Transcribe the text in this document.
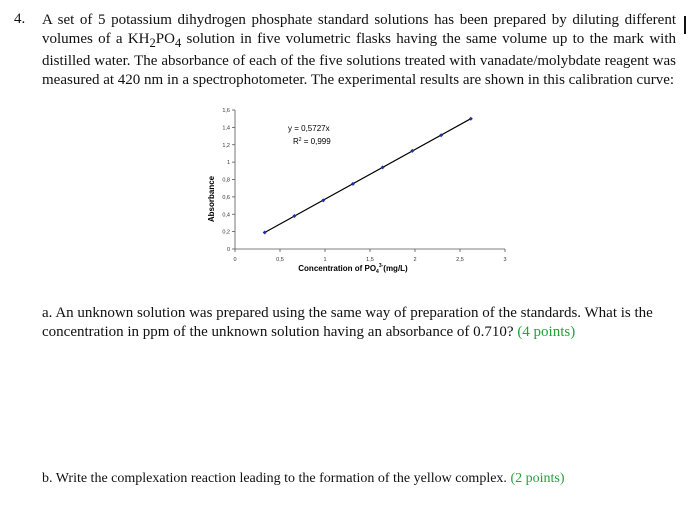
4. A set of 5 potassium dihydrogen phosphate standard solutions has been prepared by diluting different volumes of a $KH_2PO_4$ solution in five volumetric flasks having the same volume up to the mark with distilled water. The absorbance of each of the five solutions treated with vanadate/molybdate reagent was measured at 420 nm in a spectrophotometer. The experimental results are shown in this calibration curve:
0
0,2
0,4
0,6
0,8
1
1,2
1,4
1,6
0	0,5	1	1,5	2	2,5	3
y = 0,5727x
$R^2 = 0,999$
Absorbance
Concentration of $PO_4^{3-}(mg/L)$
a. An unknown solution was prepared using the same way of preparation of the standards. What is the concentration in ppm of the unknown solution having an absorbance of 0.710? (4 points)
b. Write the complexation reaction leading to the formation of the yellow complex. (2 points)
